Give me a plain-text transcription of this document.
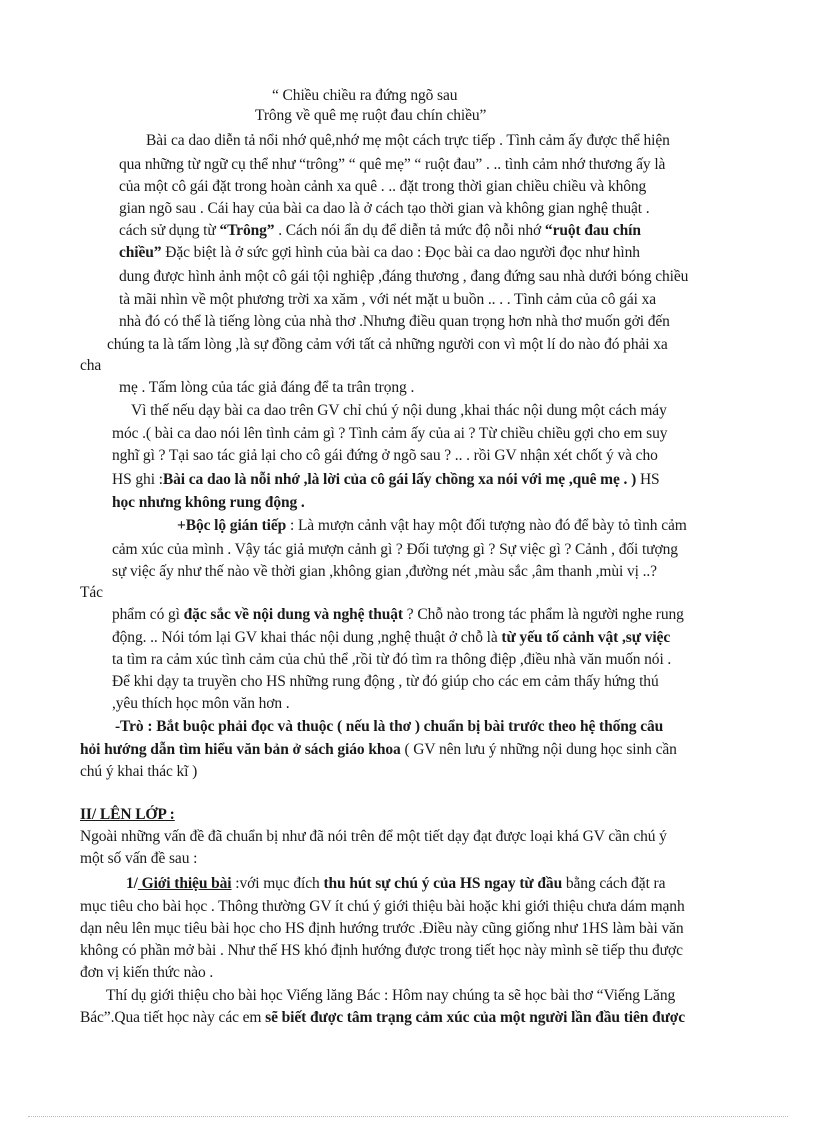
“ Chiều chiều ra đứng ngõ sau
Trông về quê mẹ ruột đau chín chiều”
Bài ca dao diễn tả nổi nhớ quê,nhớ mẹ một cách trực tiếp . Tình cảm ấy được thể hiện
qua những từ ngữ cụ thể như “trông” “ quê mẹ” “ ruột đau” . .. tình cảm nhớ thương ấy là
của một cô gái đặt trong hoàn cảnh xa quê . .. đặt trong thời gian chiều chiều và không
gian ngõ sau . Cái hay của bài ca dao là ở cách tạo thời gian và không gian nghệ thuật .
cách sử dụng từ “Trông” . Cách nói ẩn dụ để diễn tả mức độ nỗi nhớ “ruột đau chín
chiều” Đặc biệt là ở sức gợi hình của bài ca dao : Đọc bài ca dao người đọc như hình
dung được hình ảnh một cô gái tội nghiệp ,đáng thương , đang đứng sau nhà dưới bóng chiều
tà mãi nhìn về một phương trời xa xăm , với nét mặt u buồn .. . . Tình cảm của cô gái xa
nhà đó có thể là tiếng lòng của nhà thơ .Nhưng điều quan trọng hơn nhà thơ muốn gởi đến
chúng ta là tấm lòng ,là sự đồng cảm với tất cả những người con vì một lí do nào đó phải xa
cha
mẹ . Tấm lòng của tác giả đáng để ta trân trọng .
Vì thế nếu dạy bài ca dao trên GV chỉ chú ý nội dung ,khai thác nội dung một cách máy
móc .( bài ca dao nói lên tình cảm gì ? Tình cảm ấy của ai ? Từ chiều chiều gợi cho em suy
nghĩ gì ? Tại sao tác giả lại cho cô gái đứng ở ngõ sau ? .. . rồi GV nhận xét chốt ý và cho
HS ghi :Bài ca dao là nỗi nhớ ,là lời của cô gái lấy chồng xa nói với mẹ ,quê mẹ . ) HS
học nhưng không rung động .
+Bộc lộ gián tiếp : Là mượn cảnh vật hay một đối tượng nào đó để bày tỏ tình cảm
cảm xúc của mình . Vậy tác giả mượn cảnh gì ? Đối tượng gì ? Sự việc gì ? Cảnh , đối tượng
sự việc ấy như thế nào về thời gian ,không gian ,đường nét ,màu sắc ,âm thanh ,mùi vị ..?
Tác
phẩm có gì đặc sắc về nội dung và nghệ thuật ? Chỗ nào trong tác phẩm là người nghe rung
động. .. Nói tóm lại GV khai thác nội dung ,nghệ thuật ở chỗ là từ yếu tố cảnh vật ,sự việc
ta tìm ra cảm xúc tình cảm của chủ thể ,rồi từ đó tìm ra thông điệp ,điều nhà văn muốn nói .
Để khi dạy ta truyền cho HS những rung động , từ đó giúp cho các em cảm thấy hứng thú
,yêu thích học môn văn hơn .
-Trò : Bắt buộc phải đọc và thuộc ( nếu là thơ ) chuẩn bị bài trước theo hệ thống câu
hỏi hướng dẫn tìm hiểu văn bản ở sách giáo khoa ( GV nên lưu ý những nội dung học sinh cần
chú ý khai thác kĩ )
II/ LÊN LỚP :
Ngoài những vấn đề đã chuẩn bị như đã nói trên để một tiết dạy đạt được loại khá GV cần chú ý
một số vấn đề sau :
1/ Giới thiệu bài :với mục đích thu hút sự chú ý của HS ngay từ đầu bằng cách đặt ra
mục tiêu cho bài học . Thông thường GV ít chú ý giới thiệu bài hoặc khi giới thiệu chưa dám mạnh
dạn nêu lên mục tiêu bài học cho HS định hướng trước .Điều này cũng giống như 1HS làm bài văn
không có phần mở bài . Như thế HS khó định hướng được trong tiết học này mình sẽ tiếp thu được
đơn vị kiến thức nào .
Thí dụ giới thiệu cho bài học Viếng lăng Bác : Hôm nay chúng ta sẽ học bài thơ “Viếng Lăng
Bác”.Qua tiết học này các em sẽ biết được tâm trạng cảm xúc của một người lần đầu tiên được
